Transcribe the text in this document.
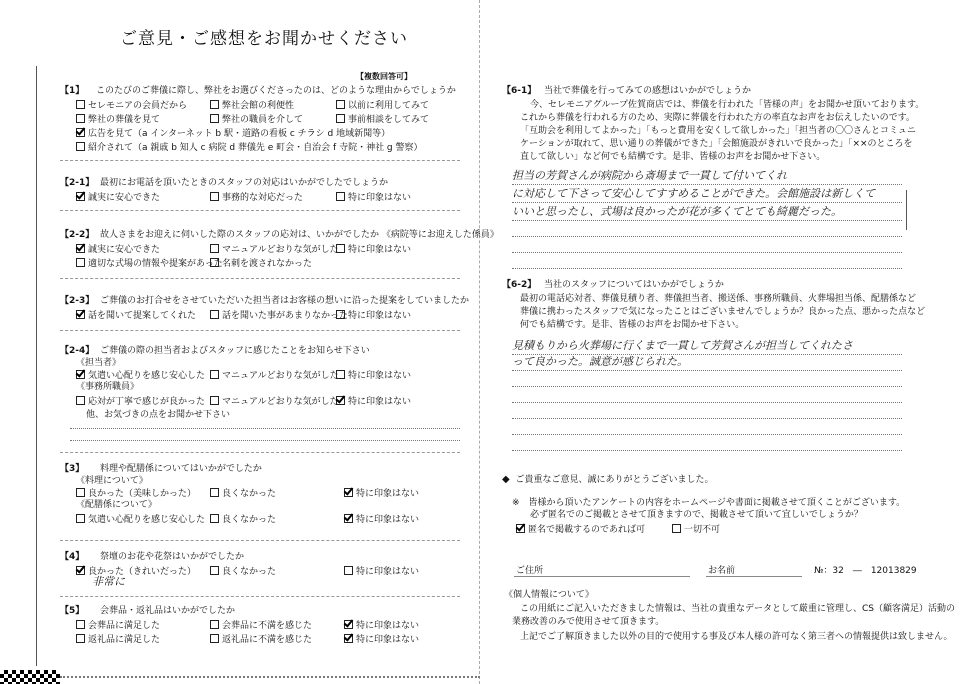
ご意見・ご感想をお聞かせください
【複数回答可】
【1】 このたびのご葬儀に際し、弊社をお選びくださったのは、どのような理由からでしょうか
セレモニアの会員だから	弊社会館の利便性	以前に利用してみて
弊社の葬儀を見て	弊社の職員を介して	事前相談をしてみて
広告を見て（a インターネット b 駅・道路の看板 c チラシ d 地域新聞等）
紹介されて（a 親戚 b 知人 c 病院 d 葬儀先 e 町会・自治会 f 寺院・神社 g 警察）
【2-1】 最初にお電話を頂いたときのスタッフの対応はいかがでしたでしょうか
誠実に安心できた	事務的な対応だった	特に印象はない
【2-2】 故人さまをお迎えに伺いした際のスタッフの応対は、いかがでしたか 《病院等にお迎えした係員》
誠実に安心できた	マニュアルどおりな気がした	特に印象はない
適切な式場の情報や提案があった 名刺を渡されなかった
【2-3】 ご葬儀のお打合せをさせていただいた担当者はお客様の想いに沿った提案をしていましたか
話を聞いて提案してくれた	話を聞いた事があまりなかった 特に印象はない
【2-4】 ご葬儀の際の担当者およびスタッフに感じたことをお知らせ下さい
《担当者》
気遣い心配りを感じ安心した	マニュアルどおりな気がした	特に印象はない
《事務所職員》
応対が丁寧で感じが良かった	マニュアルどおりな気がした	特に印象はない
他、お気づきの点をお聞かせ下さい
【3】 料理や配膳係についてはいかがでしたか
《料理について》
良かった（美味しかった）	良くなかった	特に印象はない
《配膳係について》
気遣い心配りを感じ安心した	良くなかった	特に印象はない
【4】 祭壇のお花や花祭はいかがでしたか
良かった（きれいだった）	良くなかった	特に印象はない
非常に
【5】 会葬品・返礼品はいかがでしたか
会葬品に満足した	会葬品に不満を感じた	特に印象はない
返礼品に満足した	返礼品に不満を感じた	特に印象はない
【6-1】 当社で葬儀を行ってみての感想はいかがでしょうか
今、セレモニアグループ佐賀商店では、葬儀を行われた「皆様の声」をお聞かせ頂いております。
これから葬儀を行われる方のため、実際に葬儀を行われた方の率直なお声をお伝えしたいのです。
「互助会を利用してよかった」「もっと費用を安くして欲しかった」「担当者の〇〇さんとコミュニ
ケーションが取れて、思い通りの葬儀ができた」「会館施設がきれいで良かった」「××のところを
直して欲しい」など何でも結構です。是非、皆様のお声をお聞かせ下さい。
担当の芳賀さんが病院から斎場まで一貫して付いてくれ
に対応して下さって安心してすすめることができた。会館施設は新しくて
いいと思ったし、式場は良かったが花が多くてとても綺麗だった。
【6-2】 当社のスタッフについてはいかがでしょうか
最初の電話応対者、葬儀見積り者、葬儀担当者、搬送係、事務所職員、火葬場担当係、配膳係など
葬儀に携わったスタッフで気になったことはございませんでしょうか？良かった点、悪かった点など
何でも結構です。是非、皆様のお声をお聞かせ下さい。
見積もりから火葬場に行くまで一貫して芳賀さんが担当してくれたさ
って良かった。誠意が感じられた。
◆ ご貴重なご意見、誠にありがとうございました。
※　皆様から頂いたアンケートの内容をホームページや書面に掲載させて頂くことがございます。
必ず匿名でのご掲載とさせて頂きますので、掲載させて頂いて宜しいでしょうか？
匿名で掲載するのであれば可	一切不可
ご住所	お名前	№：32　―　12013829
《個人情報について》
この用紙にご記入いただきました情報は、当社の貴重なデータとして厳重に管理し、CS（顧客満足）活動の
業務改善のみで使用させて頂きます。
上記でご了解頂きました以外の目的で使用する事及び本人様の許可なく第三者への情報提供は致しません。
